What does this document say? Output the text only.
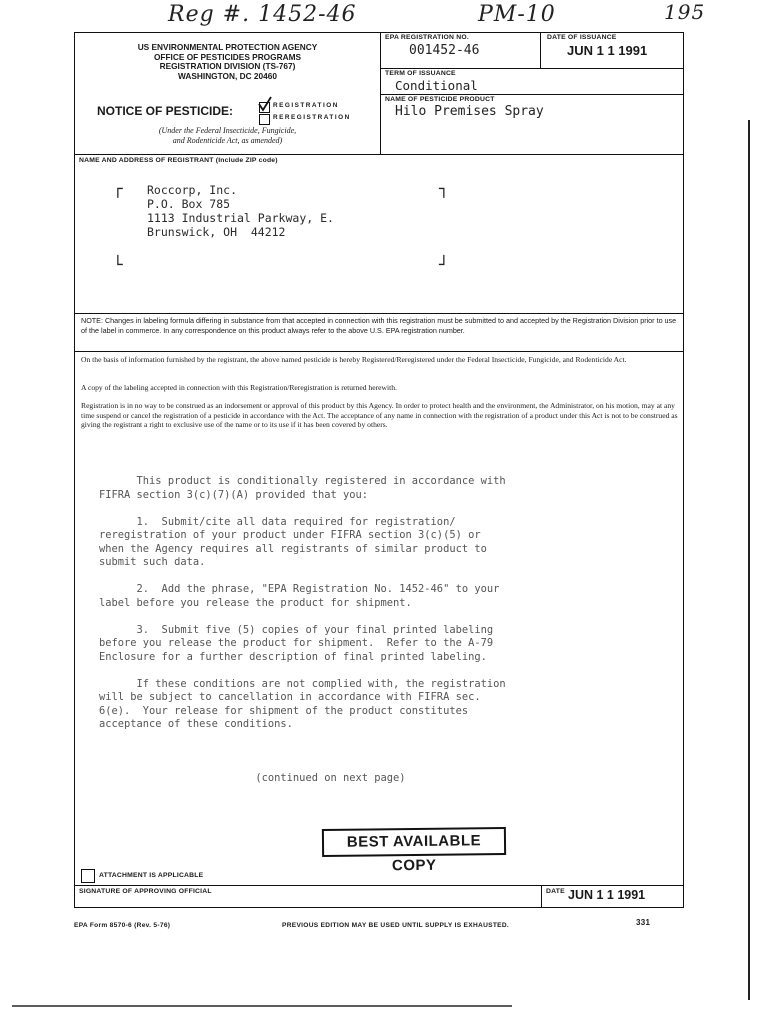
Reg #. 1452-46	PM-10	195
US ENVIRONMENTAL PROTECTION AGENCY
OFFICE OF PESTICIDES PROGRAMS
REGISTRATION DIVISION (TS-767)
WASHINGTON, DC 20460
NOTICE OF PESTICIDE:	REGISTRATION
REREGISTRATION
(Under the Federal Insecticide, Fungicide,
and Rodenticide Act, as amended)
EPA REGISTRATION NO.
001452-46
DATE OF ISSUANCE
JUN 1 1 1991
TERM OF ISSUANCE
Conditional
NAME OF PESTICIDE PRODUCT
Hilo Premises Spray
NAME AND ADDRESS OF REGISTRANT (Include ZIP code)
┌	┐
└	┘
Roccorp, Inc.
P.O. Box 785
1113 Industrial Parkway, E.
Brunswick, OH  44212
NOTE: Changes in labeling formula differing in substance from that accepted in connection with this registration must be submitted to and accepted by the Registration Division prior to use of the label in commerce. In any correspondence on this product always refer to the above U.S. EPA registration number.
On the basis of information furnished by the registrant, the above named pesticide is hereby Registered/Reregistered under the Federal Insecticide, Fungicide, and Rodenticide Act.
A copy of the labeling accepted in connection with this Registration/Reregistration is returned herewith.
Registration is in no way to be construed as an indorsement or approval of this product by this Agency. In order to protect health and the environment, the Administrator, on his motion, may at any time suspend or cancel the registration of a pesticide in accordance with the Act. The acceptance of any name in connection with the registration of a product under this Act is not to be construed as giving the registrant a right to exclusive use of the name or to its use if it has been covered by others.
This product is conditionally registered in accordance with
FIFRA section 3(c)(7)(A) provided that you:

1.  Submit/cite all data required for registration/
reregistration of your product under FIFRA section 3(c)(5) or
when the Agency requires all registrants of similar product to
submit such data.

2.  Add the phrase, "EPA Registration No. 1452-46" to your
label before you release the product for shipment.

3.  Submit five (5) copies of your final printed labeling
before you release the product for shipment.  Refer to the A-79
Enclosure for a further description of final printed labeling.

If these conditions are not complied with, the registration
will be subject to cancellation in accordance with FIFRA sec.
6(e).  Your release for shipment of the product constitutes
acceptance of these conditions.

(continued on next page)
ATTACHMENT IS APPLICABLE
SIGNATURE OF APPROVING OFFICIAL	DATE JUN 1 1 1991
BEST AVAILABLE COPY
EPA Form 8570-6 (Rev. 5-76)	PREVIOUS EDITION MAY BE USED UNTIL SUPPLY IS EXHAUSTED.	331
